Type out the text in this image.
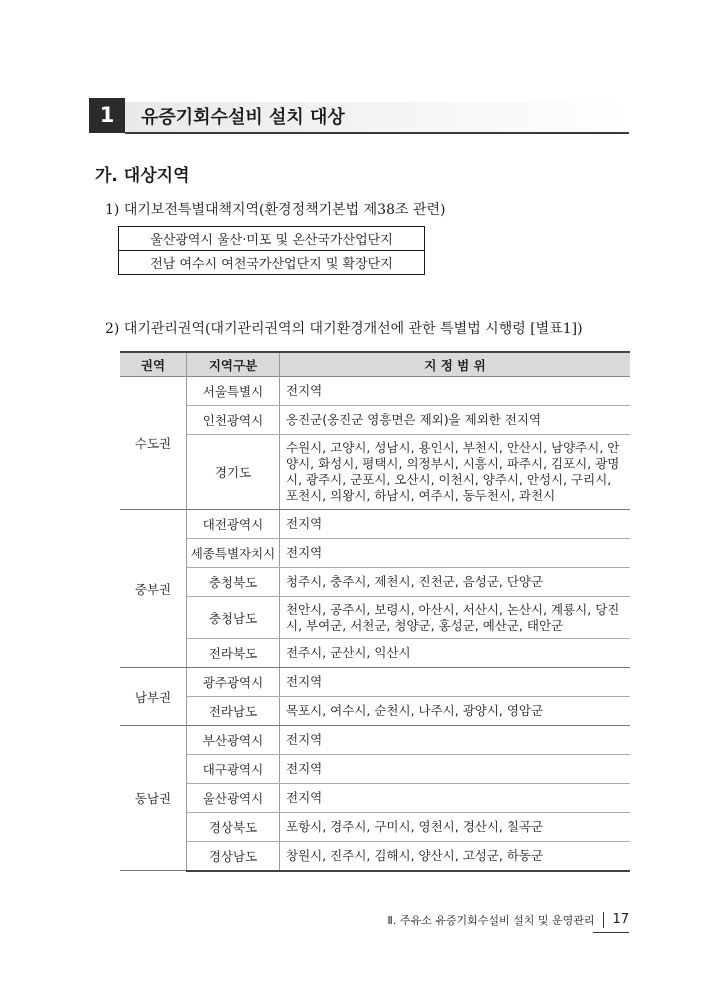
1	유증기회수설비 설치 대상
가. 대상지역
1) 대기보전특별대책지역(환경정책기본법 제38조 관련)
울산광역시 울산·미포 및 온산국가산업단지
전남 여수시 여천국가산업단지 및 확장단지
2) 대기관리권역(대기관리권역의 대기환경개선에 관한 특별법 시행령 [별표1])
권역	지역구분	지 정 범 위
수도권	서울특별시	전지역
	인천광역시	옹진군(옹진군 영흥면은 제외)을 제외한 전지역
	경기도	수원시, 고양시, 성남시, 용인시, 부천시, 안산시, 남양주시, 안양시, 화성시, 평택시, 의정부시, 시흥시, 파주시, 김포시, 광명시, 광주시, 군포시, 오산시, 이천시, 양주시, 안성시, 구리시, 포천시, 의왕시, 하남시, 여주시, 동두천시, 과천시
중부권	대전광역시	전지역
	세종특별자치시	전지역
	충청북도	청주시, 충주시, 제천시, 진천군, 음성군, 단양군
	충청남도	천안시, 공주시, 보령시, 아산시, 서산시, 논산시, 계룡시, 당진시, 부여군, 서천군, 청양군, 홍성군, 예산군, 태안군
	전라북도	전주시, 군산시, 익산시
남부권	광주광역시	전지역
	전라남도	목포시, 여수시, 순천시, 나주시, 광양시, 영암군
동남권	부산광역시	전지역
	대구광역시	전지역
	울산광역시	전지역
	경상북도	포항시, 경주시, 구미시, 영천시, 경산시, 칠곡군
	경상남도	창원시, 진주시, 김해시, 양산시, 고성군, 하동군
Ⅱ. 주유소 유증기회수설비 설치 및 운영관리	17
